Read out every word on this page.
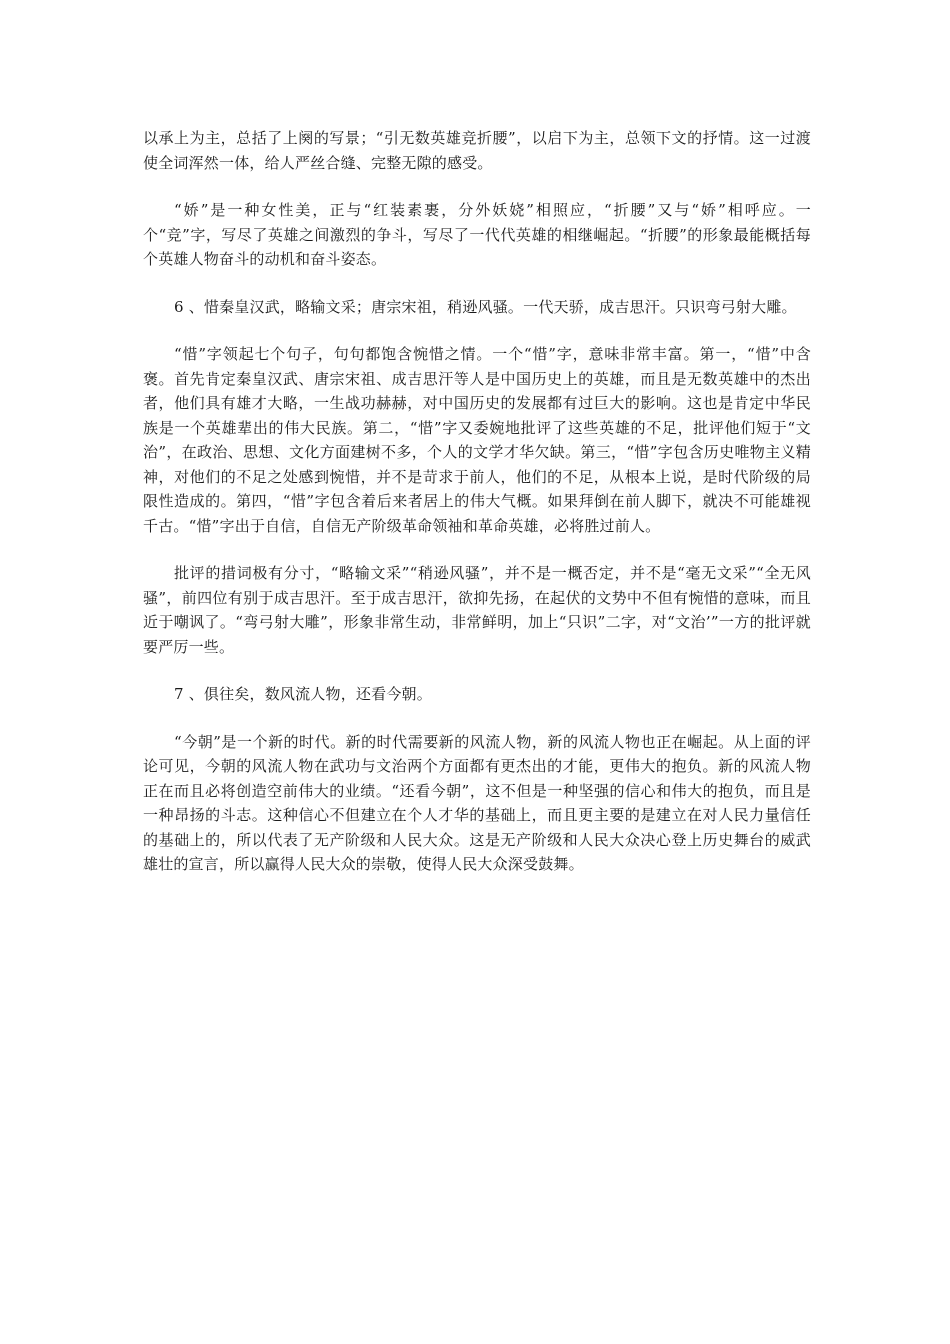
以承上为主，总括了上阕的写景；“引无数英雄竞折腰”，以启下为主，总领下文的抒情。这一过渡使全词浑然一体，给人严丝合缝、完整无隙的感受。

“娇”是一种女性美，正与“红装素裹，分外妖娆”相照应，“折腰”又与“娇”相呼应。一个“竞”字，写尽了英雄之间激烈的争斗，写尽了一代代英雄的相继崛起。“折腰”的形象最能概括每个英雄人物奋斗的动机和奋斗姿态。

6 、惜秦皇汉武，略输文采；唐宗宋祖，稍逊风骚。一代天骄，成吉思汗。只识弯弓射大雕。

“惜”字领起七个句子，句句都饱含惋惜之情。一个“惜”字，意味非常丰富。第一，“惜”中含褒。首先肯定秦皇汉武、唐宗宋祖、成吉思汗等人是中国历史上的英雄，而且是无数英雄中的杰出者，他们具有雄才大略，一生战功赫赫，对中国历史的发展都有过巨大的影响。这也是肯定中华民族是一个英雄辈出的伟大民族。第二，“惜”字又委婉地批评了这些英雄的不足，批评他们短于“文治”，在政治、思想、文化方面建树不多，个人的文学才华欠缺。第三，“惜”字包含历史唯物主义精神，对他们的不足之处感到惋惜，并不是苛求于前人，他们的不足，从根本上说，是时代阶级的局限性造成的。第四，“惜”字包含着后来者居上的伟大气概。如果拜倒在前人脚下，就决不可能雄视千古。“惜”字出于自信，自信无产阶级革命领袖和革命英雄，必将胜过前人。

批评的措词极有分寸，“略输文采”“稍逊风骚”，并不是一概否定，并不是“毫无文采”“全无风骚”，前四位有别于成吉思汗。至于成吉思汗，欲抑先扬，在起伏的文势中不但有惋惜的意味，而且近于嘲讽了。“弯弓射大雕”，形象非常生动，非常鲜明，加上“只识”二字，对“文治’”一方的批评就要严厉一些。

7 、俱往矣，数风流人物，还看今朝。

“今朝”是一个新的时代。新的时代需要新的风流人物，新的风流人物也正在崛起。从上面的评论可见，今朝的风流人物在武功与文治两个方面都有更杰出的才能，更伟大的抱负。新的风流人物正在而且必将创造空前伟大的业绩。“还看今朝”，这不但是一种坚强的信心和伟大的抱负，而且是一种昂扬的斗志。这种信心不但建立在个人才华的基础上，而且更主要的是建立在对人民力量信任的基础上的，所以代表了无产阶级和人民大众。这是无产阶级和人民大众决心登上历史舞台的威武雄壮的宣言，所以赢得人民大众的崇敬，使得人民大众深受鼓舞。
